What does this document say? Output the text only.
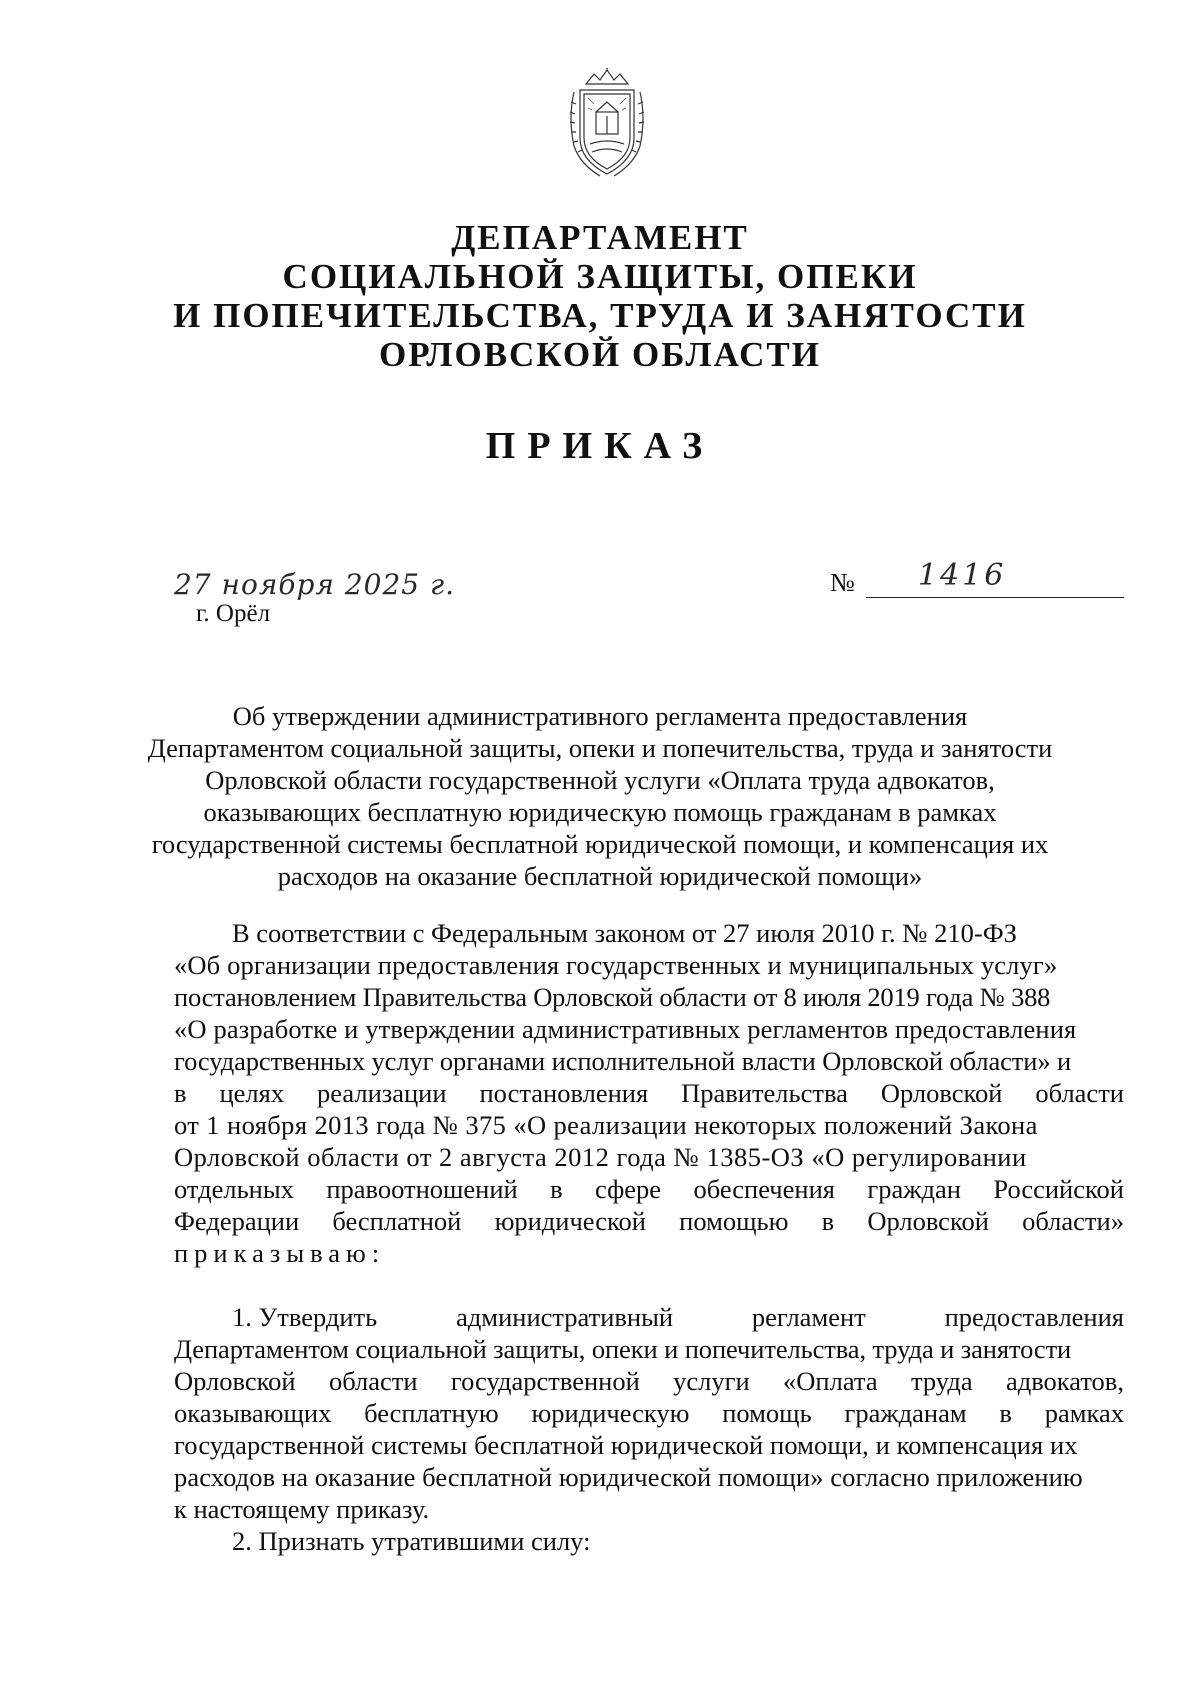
ДЕПАРТАМЕНТ
СОЦИАЛЬНОЙ ЗАЩИТЫ, ОПЕКИ
И ПОПЕЧИТЕЛЬСТВА, ТРУДА И ЗАНЯТОСТИ
ОРЛОВСКОЙ ОБЛАСТИ
ПРИКАЗ
27 ноября 2025 г.
г. Орёл
№ 1416
Об утверждении административного регламента предоставления
Департаментом социальной защиты, опеки и попечительства, труда и занятости
Орловской области государственной услуги «Оплата труда адвокатов,
оказывающих бесплатную юридическую помощь гражданам в рамках
государственной системы бесплатной юридической помощи, и компенсация их
расходов на оказание бесплатной юридической помощи»
В соответствии с Федеральным законом от 27 июля 2010 г. № 210-ФЗ
«Об организации предоставления государственных и муниципальных услуг»
постановлением Правительства Орловской области от 8 июля 2019 года № 388
«О разработке и утверждении административных регламентов предоставления
государственных услуг органами исполнительной власти Орловской области» и
в целях реализации постановления Правительства Орловской области
от 1 ноября 2013 года № 375 «О реализации некоторых положений Закона
Орловской области от 2 августа 2012 года № 1385-ОЗ «О регулировании
отдельных правоотношений в сфере обеспечения граждан Российской
Федерации бесплатной юридической помощью в Орловской области»
приказываю:
1. Утвердить	административный	регламент	предоставления
Департаментом социальной защиты, опеки и попечительства, труда и занятости
Орловской области государственной услуги «Оплата труда адвокатов,
оказывающих бесплатную юридическую помощь гражданам в рамках
государственной системы бесплатной юридической помощи, и компенсация их
расходов на оказание бесплатной юридической помощи» согласно приложению
к настоящему приказу.
2. Признать утратившими силу:
